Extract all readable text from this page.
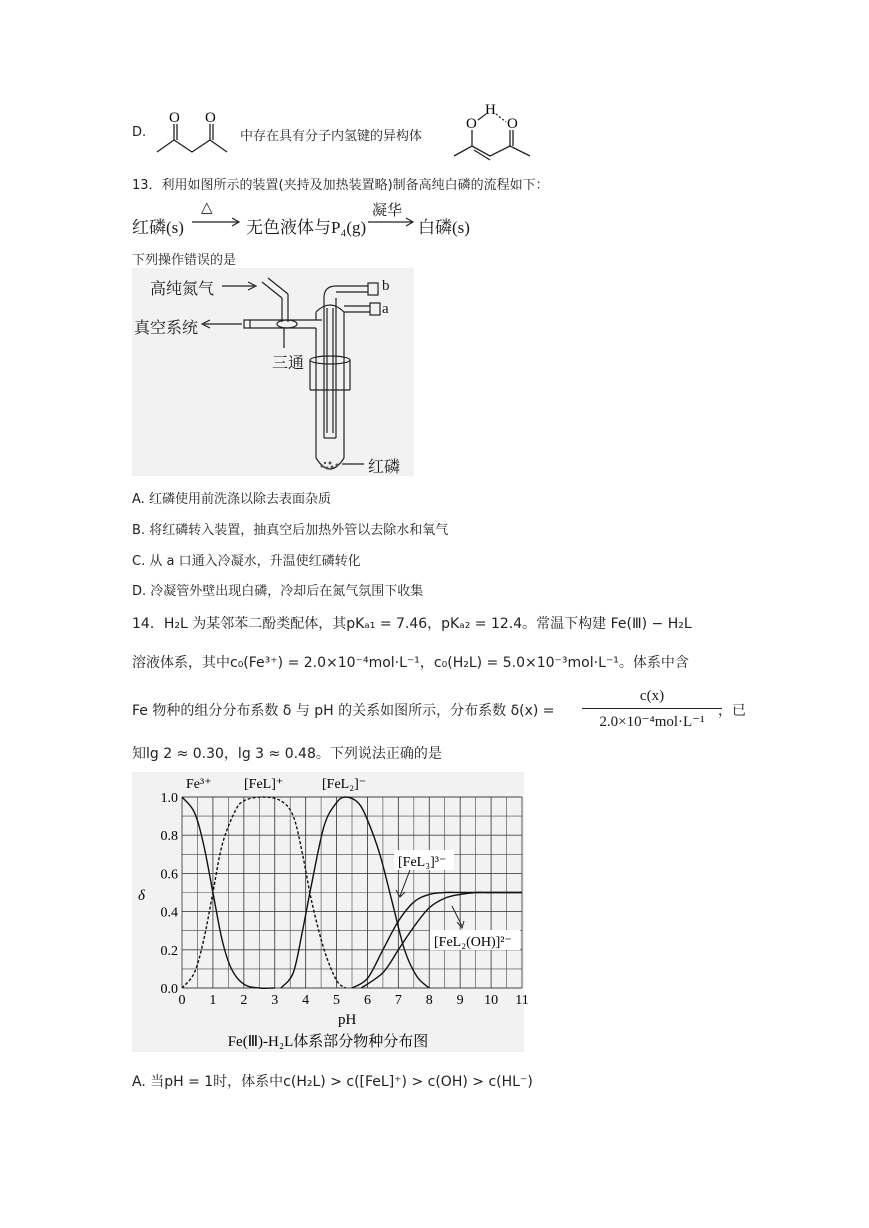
D.
O O
中存在具有分子内氢键的异构体
O
H
O
13．利用如图所示的装置(夹持及加热装置略)制备高纯白磷的流程如下：
红磷(s)
△
无色液体与P₄(g)
凝华
白磷(s)
下列操作错误的是
高纯氮气
真空系统
三通
b
a
红磷
A. 红磷使用前洗涤以除去表面杂质
B. 将红磷转入装置，抽真空后加热外管以去除水和氧气
C. 从 a 口通入冷凝水，升温使红磷转化
D. 冷凝管外壁出现白磷，冷却后在氮气氛围下收集
14．H₂L 为某邻苯二酚类配体，其pKₐ₁ = 7.46，pKₐ₂ = 12.4。常温下构建 Fe(Ⅲ) − H₂L
溶液体系，其中c₀(Fe³⁺) = 2.0×10⁻⁴mol·L⁻¹，c₀(H₂L) = 5.0×10⁻³mol·L⁻¹。体系中含
Fe 物种的组分分布系数 δ 与 pH 的关系如图所示，分布系数 δ(x) =
c(x)
2.0×10⁻⁴mol·L⁻¹
，已
知lg 2 ≈ 0.30，lg 3 ≈ 0.48。下列说法正确的是
0 1 2 3 4 5 6 7 8 9 10 11
0.0
0.2
0.4
0.6
0.8
1.0
δ
pH
Fe(Ⅲ)-H₂L体系部分物种分布图
Fe³⁺ [FeL]⁺	[FeL₂]⁻
[FeL₃]³⁻
[FeL₂(OH)]²⁻
A. 当pH = 1时，体系中c(H₂L) > c([FeL]⁺) > c(OH) > c(HL⁻)
